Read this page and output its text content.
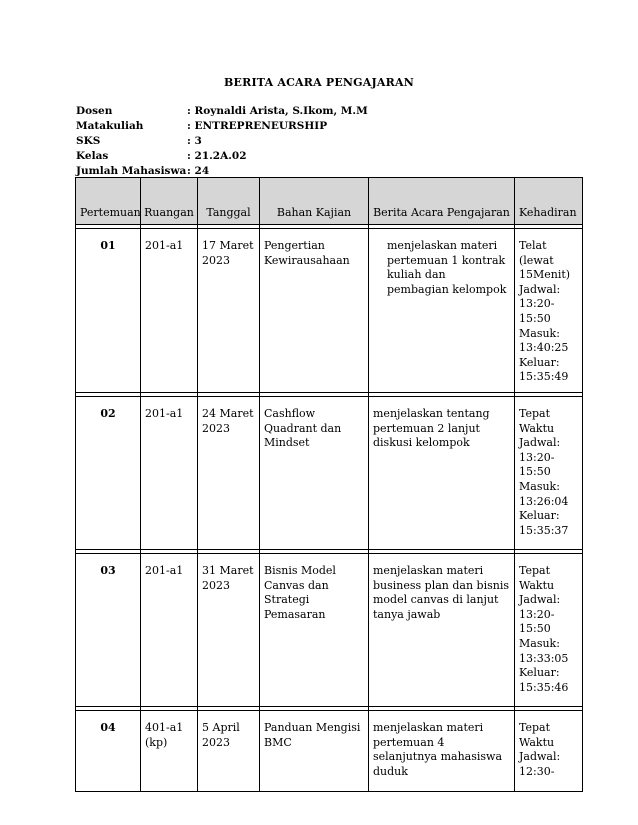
BERITA ACARA PENGAJARAN
Dosen	: Roynaldi Arista, S.Ikom, M.M
Matakuliah	: ENTREPRENEURSHIP
SKS	: 3
Kelas	: 21.2A.02
Jumlah Mahasiswa : 24
Pertemuan	Ruangan	Tanggal	Bahan Kajian	Berita Acara Pengajaran	Kehadiran

01	201-a1	17 Maret 2023	Pengertian Kewirausahaan	menjelaskan materi pertemuan 1 kontrak kuliah dan pembagian kelompok	Telat (lewat 15Menit) Jadwal: 13:20-15:50 Masuk: 13:40:25 Keluar: 15:35:49

02	201-a1	24 Maret 2023	Cashflow Quadrant dan Mindset	menjelaskan tentang pertemuan 2 lanjut diskusi kelompok	Tepat Waktu Jadwal: 13:20-15:50 Masuk: 13:26:04 Keluar: 15:35:37

03	201-a1	31 Maret 2023	Bisnis Model Canvas dan Strategi Pemasaran	menjelaskan materi business plan dan bisnis model canvas di lanjut tanya jawab	Tepat Waktu Jadwal: 13:20-15:50 Masuk: 13:33:05 Keluar: 15:35:46

04	401-a1 (kp)	5 April 2023	Panduan Mengisi BMC	menjelaskan materi pertemuan 4 selanjutnya mahasiswa duduk	Tepat Waktu Jadwal: 12:30-
